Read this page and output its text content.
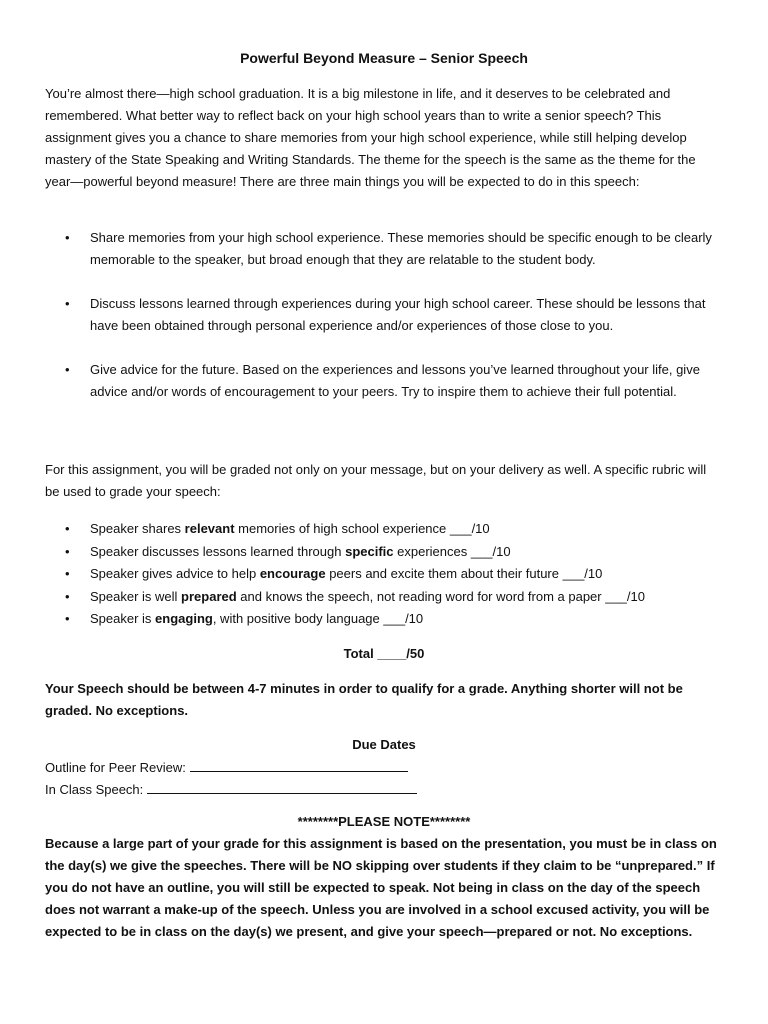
Powerful Beyond Measure – Senior Speech

You’re almost there—high school graduation. It is a big milestone in life, and it deserves to be celebrated and remembered. What better way to reflect back on your high school years than to write a senior speech? This assignment gives you a chance to share memories from your high school experience, while still helping develop mastery of the State Speaking and Writing Standards. The theme for the speech is the same as the theme for the year—powerful beyond measure! There are three main things you will be expected to do in this speech:

• Share memories from your high school experience. These memories should be specific enough to be clearly memorable to the speaker, but broad enough that they are relatable to the student body.
• Discuss lessons learned through experiences during your high school career. These should be lessons that have been obtained through personal experience and/or experiences of those close to you.
• Give advice for the future. Based on the experiences and lessons you’ve learned throughout your life, give advice and/or words of encouragement to your peers. Try to inspire them to achieve their full potential.

For this assignment, you will be graded not only on your message, but on your delivery as well. A specific rubric will be used to grade your speech:

• Speaker shares relevant memories of high school experience ___/10
• Speaker discusses lessons learned through specific experiences ___/10
• Speaker gives advice to help encourage peers and excite them about their future ___/10
• Speaker is well prepared and knows the speech, not reading word for word from a paper ___/10
• Speaker is engaging, with positive body language ___/10
Total ____/50

Your Speech should be between 4-7 minutes in order to qualify for a grade. Anything shorter will not be graded. No exceptions.

Due Dates
Outline for Peer Review:
In Class Speech:
********PLEASE NOTE********

Because a large part of your grade for this assignment is based on the presentation, you must be in class on the day(s) we give the speeches. There will be NO skipping over students if they claim to be “unprepared.” If you do not have an outline, you will still be expected to speak. Not being in class on the day of the speech does not warrant a make-up of the speech. Unless you are involved in a school excused activity, you will be expected to be in class on the day(s) we present, and give your speech—prepared or not. No exceptions.
